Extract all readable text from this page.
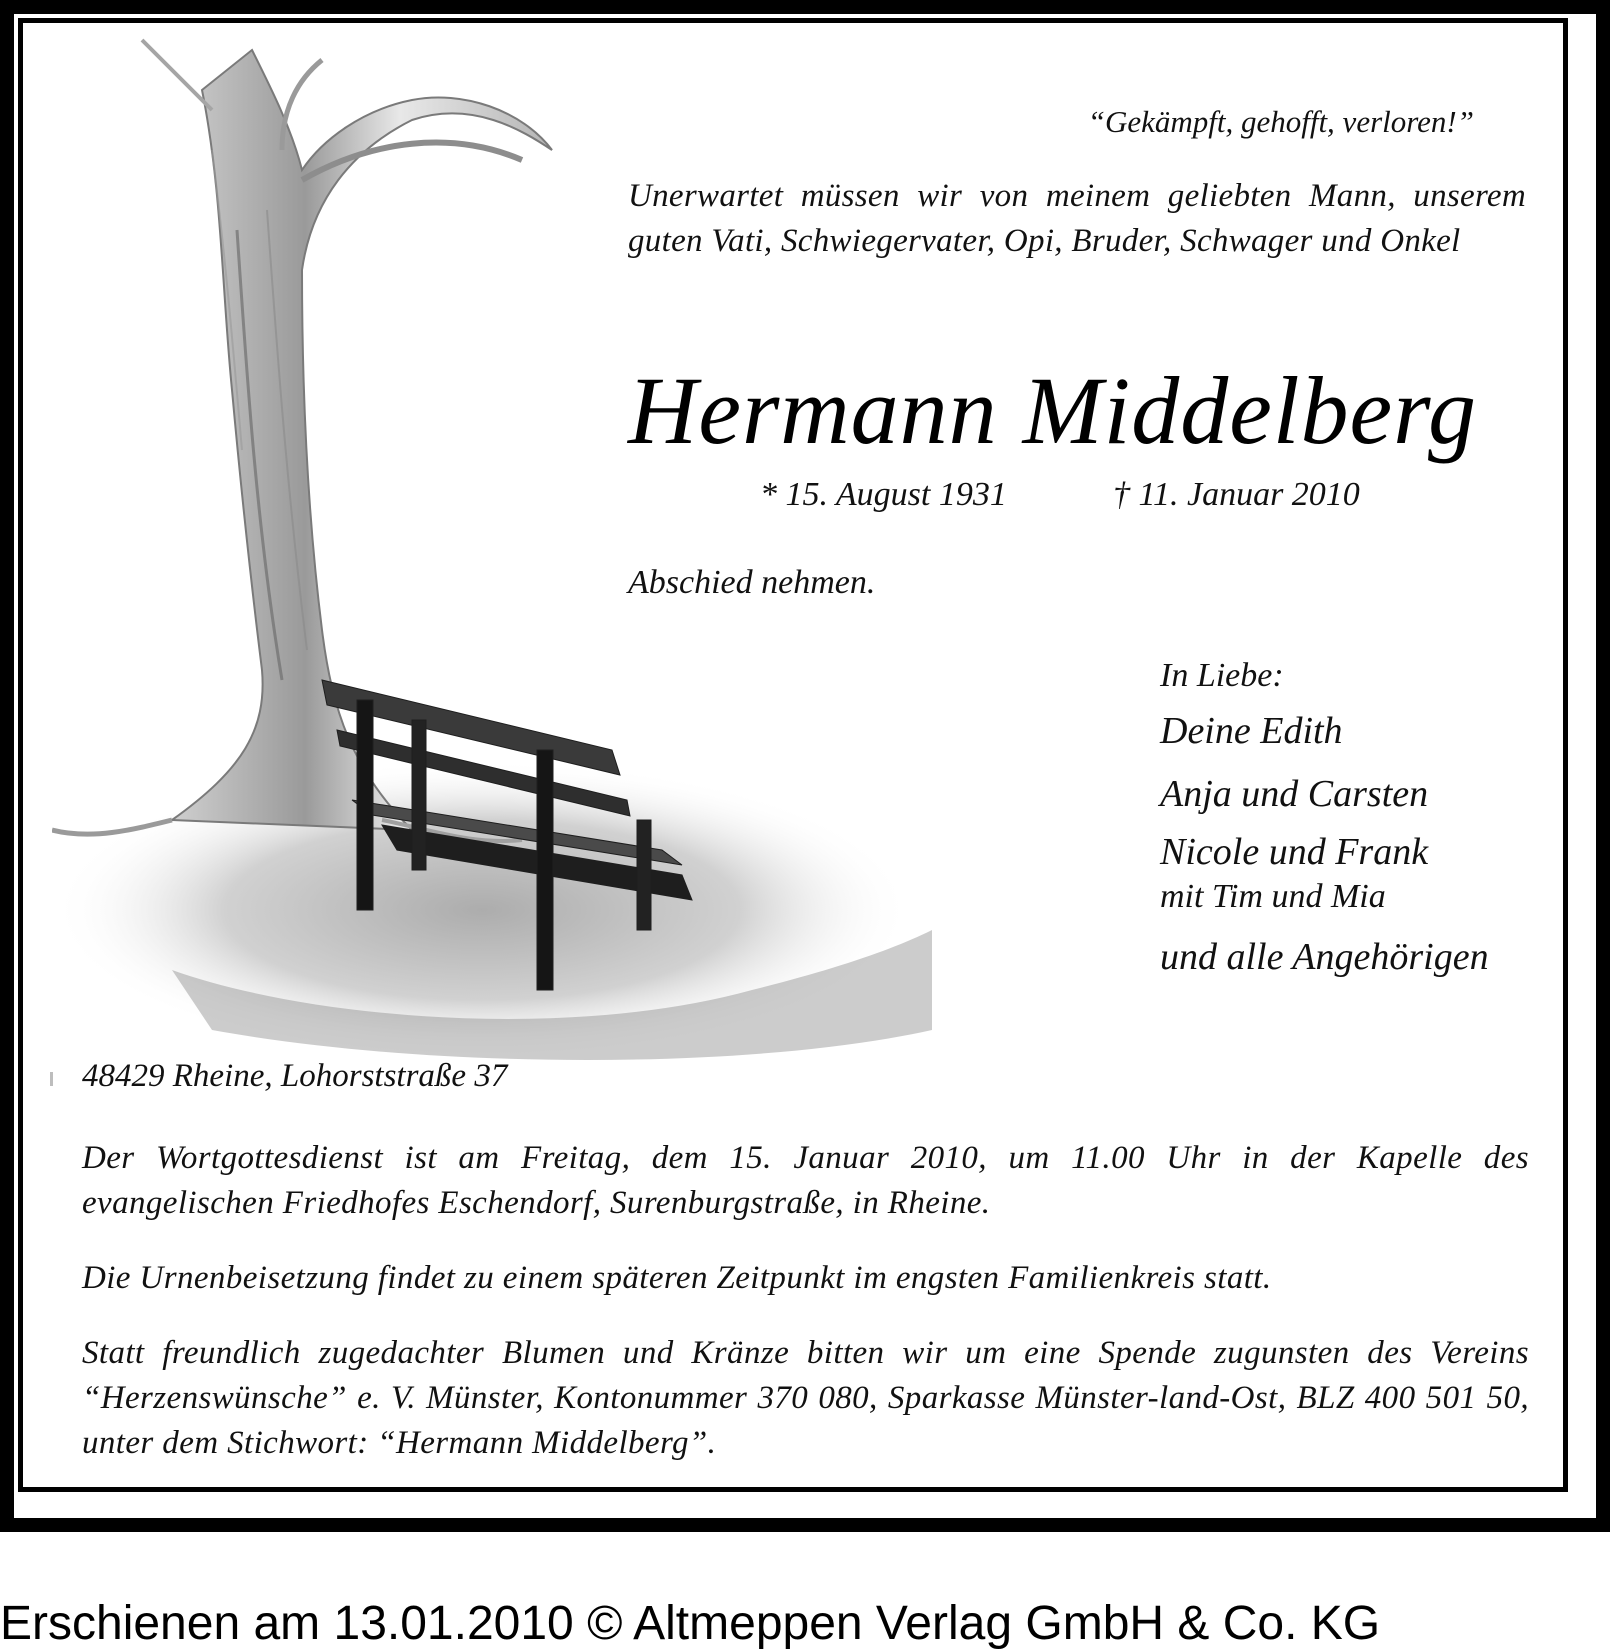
“Gekämpft, gehofft, verloren!”
Unerwartet müssen wir von meinem geliebten Mann, unserem guten Vati, Schwiegervater, Opi, Bruder, Schwager und Onkel
Hermann Middelberg
* 15. August 1931	† 11. Januar 2010
Abschied nehmen.
In Liebe:
Deine Edith
Anja und Carsten
Nicole und Frank
mit Tim und Mia
und alle Angehörigen
48429 Rheine, Lohorststraße 37
Der Wortgottesdienst ist am Freitag, dem 15. Januar 2010, um 11.00 Uhr in der Kapelle des evangelischen Friedhofes Eschendorf, Surenburgstraße, in Rheine.
Die Urnenbeisetzung findet zu einem späteren Zeitpunkt im engsten Familienkreis statt.
Statt freundlich zugedachter Blumen und Kränze bitten wir um eine Spende zugunsten des Vereins “Herzenswünsche” e. V. Münster, Kontonummer 370 080, Sparkasse Münster-land-Ost, BLZ 400 501 50, unter dem Stichwort: “Hermann Middelberg”.
Erschienen am 13.01.2010 © Altmeppen Verlag GmbH & Co. KG
